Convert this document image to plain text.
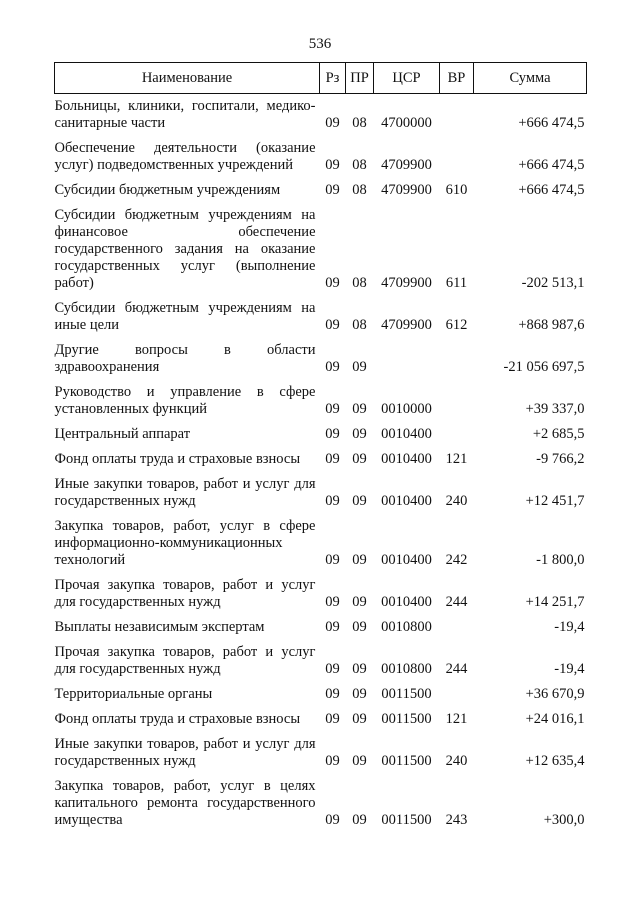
536
Наименование	Рз	ПР	ЦСР	ВР	Сумма
Больницы, клиники, госпитали, медико-санитарные части	09	08	4700000		+666 474,5
Обеспечение деятельности (оказание услуг) подведомственных учреждений	09	08	4709900		+666 474,5
Субсидии бюджетным учреждениям	09	08	4709900	610	+666 474,5
Субсидии бюджетным учреждениям на финансовое обеспечение государственного задания на оказание государственных услуг (выполнение работ)	09	08	4709900	611	-202 513,1
Субсидии бюджетным учреждениям на иные цели	09	08	4709900	612	+868 987,6
Другие вопросы в области здравоохранения	09	09			-21 056 697,5
Руководство и управление в сфере установленных функций	09	09	0010000		+39 337,0
Центральный аппарат	09	09	0010400		+2 685,5
Фонд оплаты труда и страховые взносы	09	09	0010400	121	-9 766,2
Иные закупки товаров, работ и услуг для государственных нужд	09	09	0010400	240	+12 451,7
Закупка товаров, работ, услуг в сфере информационно-коммуникационных технологий	09	09	0010400	242	-1 800,0
Прочая закупка товаров, работ и услуг для государственных нужд	09	09	0010400	244	+14 251,7
Выплаты независимым экспертам	09	09	0010800		-19,4
Прочая закупка товаров, работ и услуг для государственных нужд	09	09	0010800	244	-19,4
Территориальные органы	09	09	0011500		+36 670,9
Фонд оплаты труда и страховые взносы	09	09	0011500	121	+24 016,1
Иные закупки товаров, работ и услуг для государственных нужд	09	09	0011500	240	+12 635,4
Закупка товаров, работ, услуг в целях капитального ремонта государственного имущества	09	09	0011500	243	+300,0
